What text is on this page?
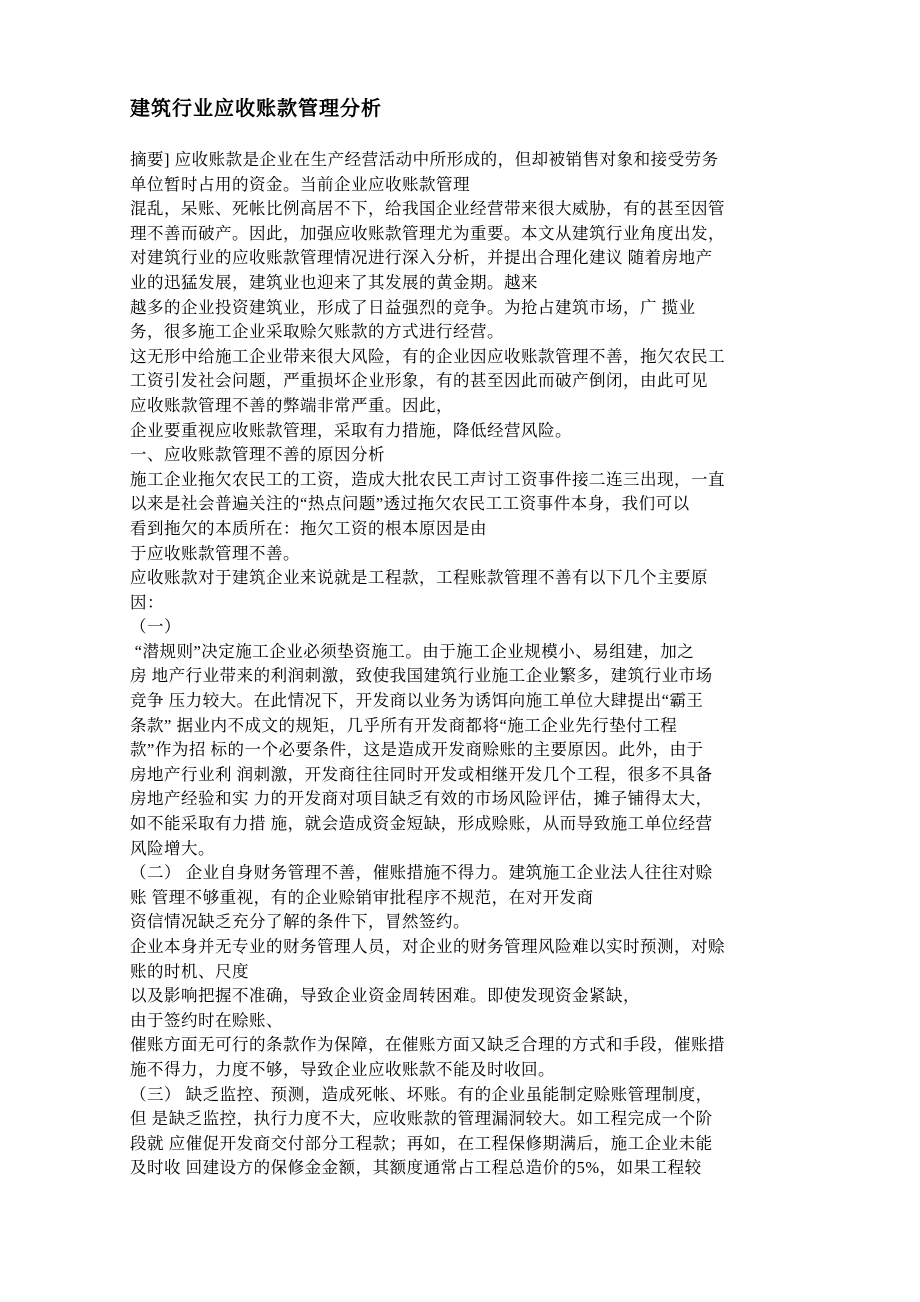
建筑行业应收账款管理分析
摘要] 应收账款是企业在生产经营活动中所形成的，但却被销售对象和接受劳务
单位暂时占用的资金。当前企业应收账款管理
混乱，呆账、死帐比例高居不下，给我国企业经营带来很大威胁，有的甚至因管
理不善而破产。因此，加强应收账款管理尤为重要。本文从建筑行业角度出发，
对建筑行业的应收账款管理情况进行深入分析，并提出合理化建议 随着房地产
业的迅猛发展，建筑业也迎来了其发展的黄金期。越来
越多的企业投资建筑业，形成了日益强烈的竞争。为抢占建筑市场，广 揽业
务，很多施工企业采取赊欠账款的方式进行经营。
这无形中给施工企业带来很大风险，有的企业因应收账款管理不善，拖欠农民工
工资引发社会问题，严重损坏企业形象，有的甚至因此而破产倒闭，由此可见
应收账款管理不善的弊端非常严重。因此，
企业要重视应收账款管理，采取有力措施，降低经营风险。
一、应收账款管理不善的原因分析
施工企业拖欠农民工的工资，造成大批农民工声讨工资事件接二连三出现，一直
以来是社会普遍关注的“热点问题”透过拖欠农民工工资事件本身，我们可以
看到拖欠的本质所在：拖欠工资的根本原因是由
于应收账款管理不善。
应收账款对于建筑企业来说就是工程款，工程账款管理不善有以下几个主要原
因：
（一）
“潜规则”决定施工企业必须垫资施工。由于施工企业规模小、易组建，加之
房 地产行业带来的利润刺激，致使我国建筑行业施工企业繁多，建筑行业市场
竞争 压力较大。在此情况下，开发商以业务为诱饵向施工单位大肆提出“霸王
条款” 据业内不成文的规矩，几乎所有开发商都将“施工企业先行垫付工程
款”作为招 标的一个必要条件，这是造成开发商赊账的主要原因。此外，由于
房地产行业利 润刺激，开发商往往同时开发或相继开发几个工程，很多不具备
房地产经验和实 力的开发商对项目缺乏有效的市场风险评估，摊子铺得太大，
如不能采取有力措 施，就会造成资金短缺，形成赊账，从而导致施工单位经营
风险增大。
（二） 企业自身财务管理不善，催账措施不得力。建筑施工企业法人往往对赊
账 管理不够重视，有的企业赊销审批程序不规范，在对开发商
资信情况缺乏充分了解的条件下，冒然签约。
企业本身并无专业的财务管理人员，对企业的财务管理风险难以实时预测，对赊
账的时机、尺度
以及影响把握不准确，导致企业资金周转困难。即使发现资金紧缺，
由于签约时在赊账、
催账方面无可行的条款作为保障，在催账方面又缺乏合理的方式和手段，催账措
施不得力，力度不够，导致企业应收账款不能及时收回。
（三） 缺乏监控、预测，造成死帐、坏账。有的企业虽能制定赊账管理制度，
但 是缺乏监控，执行力度不大，应收账款的管理漏洞较大。如工程完成一个阶
段就 应催促开发商交付部分工程款；再如，在工程保修期满后，施工企业未能
及时收 回建设方的保修金金额，其额度通常占工程总造价的5%，如果工程较
